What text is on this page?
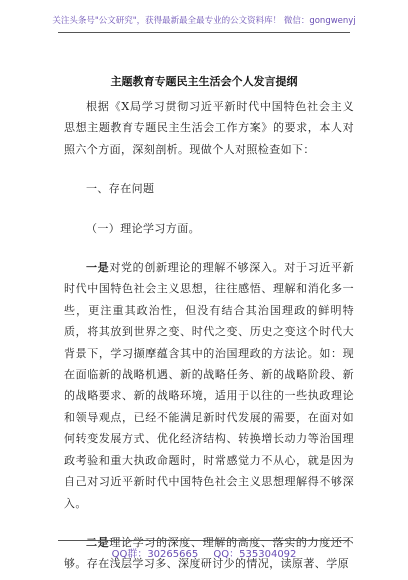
关注头条号"公文研究"，获得最新最全最专业的公文资料库！ 微信：gongwenyj
主题教育专题民主生活会个人发言提纲

根据《X局学习贯彻习近平新时代中国特色社会主义思想主题教育专题民主生活会工作方案》的要求，本人对照六个方面，深刻剖析。现做个人对照检查如下：

一、存在问题

（一）理论学习方面。

一是对党的创新理论的理解不够深入。对于习近平新时代中国特色社会主义思想，往往感悟、理解和消化多一些，更注重其政治性，但没有结合其治国理政的鲜明特质，将其放到世界之变、时代之变、历史之变这个时代大背景下，学习撷摩蕴含其中的治国理政的方法论。如：现在面临新的战略机遇、新的战略任务、新的战略阶段、新的战略要求、新的战略环境，适用于以往的一些执政理论和领导观点，已经不能满足新时代发展的需要，在面对如何转变发展方式、优化经济结构、转换增长动力等治国理政考验和重大执政命题时，时常感觉力不从心，就是因为自己对习近平新时代中国特色社会主义思想理解得不够深入。

二是理论学习的深度、理解的高度、落实的力度还不够。存在浅层学习多、深度研讨少的情况，读原著、学原

QQ群：30265665 QQ：535304092
